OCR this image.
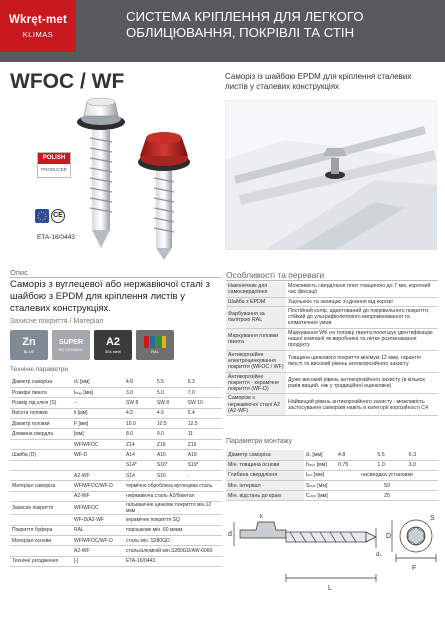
Wkręt-met
KLIMAS
СИСТЕМА КРІПЛЕННЯ ДЛЯ ЛЕГКОГО ОБЛИЦЮВАННЯ, ПОКРІВЛІ ТА СТІН
WFOC / WF	Саморіз із шайбою EPDM для кріплення сталевих листів у сталевих конструкціях
POLISH
PRODUCER
CE
ETA-16/0443
Опис
Саморіз з вуглецевої або нержавіючої сталі з шайбою з EPDM для кріплення листів у сталевих конструкціях.
Захисне покриття / Матеріал
Zn
BLUE
SUPER
SQ CERAMIC
A2
304 steel	RAL
Технічні параметри
Діаметр саморіза	dₛ [мм]	4.8	5.5	6.3
Розміри гвинта	tₘₐₓ [мм]	3.0	5.0	7.0
Розмір під ключ (S)	–	SW 8	SW 8	SW 10
Висота головки	k [мм]	4.5	4.9	5.4
Діаметр головки	F [мм]	10.0	10.5	12.5
Довжина свердла	[мм]	8.0	9.0	11
	WF/WFOC	Z14	Z16	Z19
Шайба (D)	WF-D	A14	A16	A19
		S14*	S16*	S19*
	A2-WF	S14	S16	-
Матеріал саморіза	WF/WFOC/WF-D	термічно оброблена вуглецева сталь		
	A2-WF	нержавіюча сталь A2/біметал		
Захисне покриття	WF/WFOC	гальванічне цинкове покриття мін.12 мкм		
	WF-D/A2-WF	керамічне покриття SQ		
Покриття буфера	RAL	порошкове мін. 60 мкмм		
Матеріал основи	WF/WFOC/WF-D	сталь мін. S280GD		
	A2-WF	сталь/алюміній мін.S280GD/AW-6060		
Технічні узгодження	[-]	ETA-16/0443		
Особливості та переваги
Наконечник для самосвердління	Можливість свердління плит товщиною до 7 мм, короткий час фіксації
Шайба з EPDM	Ущільнює та захищає з'єднання від корозії
Фарбування за палітрою RAL	Постійний колір, адаптований до покрівельного покриття, стійкий до ультрафіолетового випромінювання та кліматичних умов
Маркування головки гвинта	Маркування WK на головці гвинта полегшує ідентифікацію нашої компанії як виробника та легке розпізнавання продукту
Антикорозійне електроцинкування покриття (WFOC / WF)	Товщина цинкового покриття мінімум 12 мкм, гарантія якості та високий рівень антикорозійного захисту
Антикорозійне покриття - керамічне покриття (WF-D)	Дуже високий рівень антикорозійного захисту (в кількох разів вищий, ніж у традиційної оцинковки)
Саморізи з нержавіючої сталі A2 (A2-WF)	Найвищий рівень антикорозійного захисту - можливість застосування саморізів навіть в категорії корозійності C4
Параметри монтажу
Діаметр саморіза	dₛ [мм]	4.8	5.5	6.3
Мін. товщина основи	hₘᵢₙ [мм]	0.75	1.0	3.0
Глибина свердління	lₑₘ [мм]	насвердка установки		
Мін. інтервал	Sₘᵢₙ [мм]	50		
Мін. відстань до краю	Cₘᵢₙ [мм]	25		
L
d
dₛ
k
D
F
S
